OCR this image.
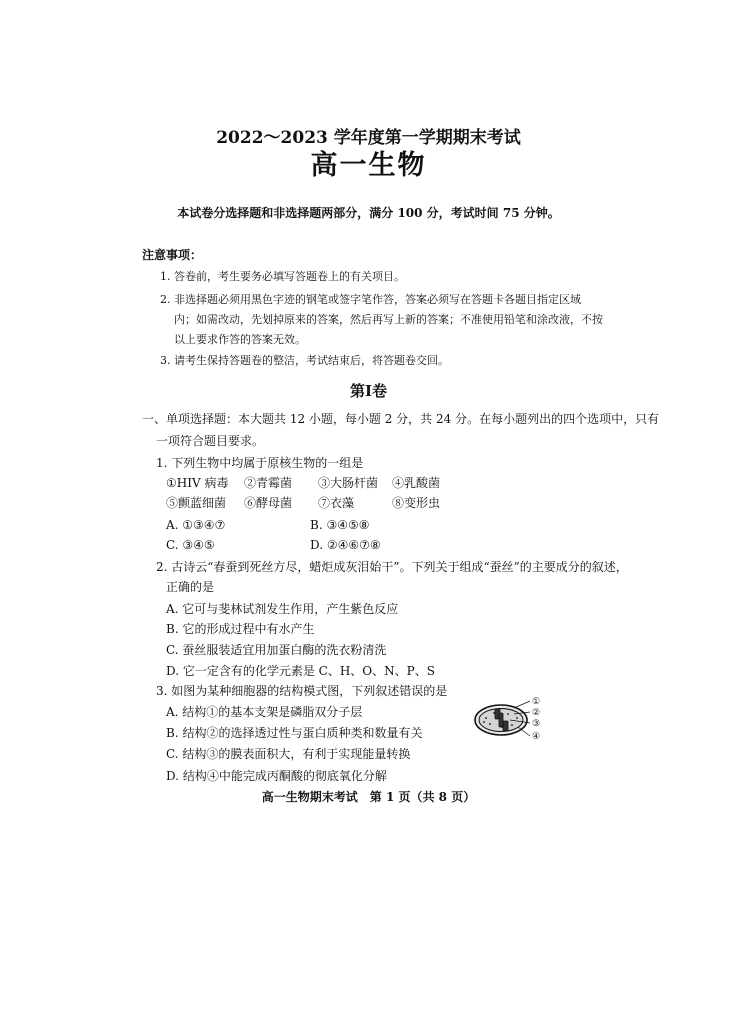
2022～2023 学年度第一学期期末考试
高一生物
本试卷分选择题和非选择题两部分，满分 100 分，考试时间 75 分钟。
注意事项：
1. 答卷前，考生要务必填写答题卷上的有关项目。
2. 非选择题必须用黑色字迹的钢笔或签字笔作答，答案必须写在答题卡各题目指定区域
内；如需改动，先划掉原来的答案，然后再写上新的答案；不准使用铅笔和涂改液，不按
以上要求作答的答案无效。
3. 请考生保持答题卷的整洁，考试结束后，将答题卷交回。
第Ⅰ卷
一、单项选择题：本大题共 12 小题，每小题 2 分，共 24 分。在每小题列出的四个选项中，只有
一项符合题目要求。
1. 下列生物中均属于原核生物的一组是
①HIV 病毒 ②青霉菌 ③大肠杆菌 ④乳酸菌
⑤颤蓝细菌 ⑥酵母菌 ⑦衣藻	⑧变形虫
A. ①③④⑦	B. ③④⑤⑧
C. ③④⑤	D. ②④⑥⑦⑧
2. 古诗云“春蚕到死丝方尽，蜡炬成灰泪始干”。下列关于组成“蚕丝”的主要成分的叙述，
正确的是
A. 它可与斐林试剂发生作用，产生紫色反应
B. 它的形成过程中有水产生
C. 蚕丝服装适宜用加蛋白酶的洗衣粉清洗
D. 它一定含有的化学元素是 C、H、O、N、P、S
3. 如图为某种细胞器的结构模式图，下列叙述错误的是
A. 结构①的基本支架是磷脂双分子层
B. 结构②的选择透过性与蛋白质种类和数量有关
C. 结构③的膜表面积大，有利于实现能量转换
D. 结构④中能完成丙酮酸的彻底氧化分解
①
②
③
④
高一生物期末考试　第 1 页（共 8 页）
